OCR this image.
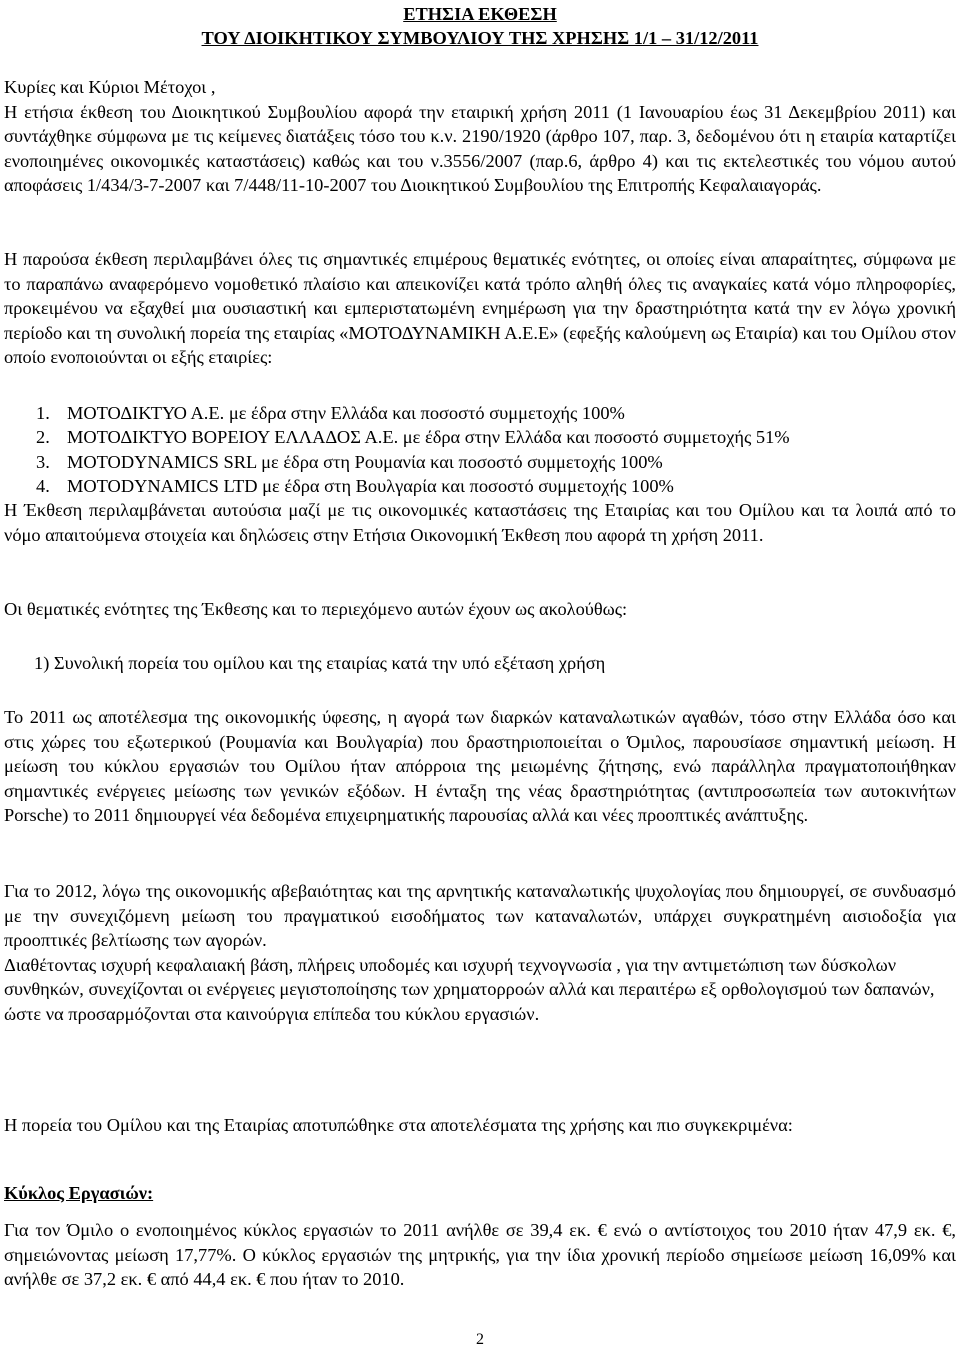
ΕΤΗΣΙΑ ΕΚΘΕΣΗ
ΤΟΥ ΔΙΟΙΚΗΤΙΚΟΥ ΣΥΜΒΟΥΛΙΟΥ ΤΗΣ ΧΡΗΣΗΣ 1/1 – 31/12/2011

Κυρίες και Κύριοι Μέτοχοι ,

Η ετήσια έκθεση του Διοικητικού Συμβουλίου αφορά την εταιρική χρήση 2011 (1 Ιανουαρίου έως 31 Δεκεμβρίου 2011) και συντάχθηκε σύμφωνα με τις κείμενες διατάξεις τόσο του κ.ν. 2190/1920 (άρθρο 107, παρ. 3, δεδομένου ότι η εταιρία καταρτίζει ενοποιημένες οικονομικές καταστάσεις) καθώς και του ν.3556/2007 (παρ.6, άρθρο 4) και τις εκτελεστικές του νόμου αυτού αποφάσεις 1/434/3-7-2007 και 7/448/11-10-2007 του Διοικητικού Συμβουλίου της Επιτροπής Κεφαλαιαγοράς.

Η παρούσα έκθεση περιλαμβάνει όλες τις σημαντικές επιμέρους θεματικές ενότητες, οι οποίες είναι απαραίτητες, σύμφωνα με το παραπάνω αναφερόμενο νομοθετικό πλαίσιο και απεικονίζει κατά τρόπο αληθή όλες τις αναγκαίες κατά νόμο πληροφορίες, προκειμένου να εξαχθεί μια ουσιαστική και εμπεριστατωμένη ενημέρωση για την δραστηριότητα κατά την εν λόγω χρονική περίοδο και τη συνολική πορεία της εταιρίας «ΜΟΤΟΔΥΝΑΜΙΚΗ Α.Ε.Ε» (εφεξής καλούμενη ως Εταιρία) και του Ομίλου στον οποίο ενοποιούνται οι εξής εταιρίες:

1. ΜΟΤΟΔΙΚΤΥΟ Α.Ε. με έδρα στην Ελλάδα και ποσοστό συμμετοχής 100%
2. ΜΟΤΟΔΙΚΤΥΟ ΒΟΡΕΙΟΥ ΕΛΛΑΔΟΣ Α.Ε. με έδρα στην Ελλάδα και ποσοστό συμμετοχής 51%
3. MOTODYNAMICS SRL με έδρα στη Ρουμανία και ποσοστό συμμετοχής 100%
4. MOTODYNAMICS LTD με έδρα στη Βουλγαρία και ποσοστό συμμετοχής 100%

Η Έκθεση περιλαμβάνεται αυτούσια μαζί με τις οικονομικές καταστάσεις της Εταιρίας και του Ομίλου και τα λοιπά από το νόμο απαιτούμενα στοιχεία και δηλώσεις στην Ετήσια Οικονομική Έκθεση που αφορά τη χρήση 2011.

Οι θεματικές ενότητες της Έκθεσης και το περιεχόμενο αυτών έχουν ως ακολούθως:

1) Συνολική πορεία του ομίλου και της εταιρίας κατά την υπό εξέταση χρήση

Το 2011 ως αποτέλεσμα της οικονομικής ύφεσης, η αγορά των διαρκών καταναλωτικών αγαθών, τόσο στην Ελλάδα όσο και στις χώρες του εξωτερικού (Ρουμανία και Βουλγαρία) που δραστηριοποιείται ο Όμιλος, παρουσίασε σημαντική μείωση. Η μείωση του κύκλου εργασιών του Ομίλου ήταν απόρροια της μειωμένης ζήτησης, ενώ παράλληλα πραγματοποιήθηκαν σημαντικές ενέργειες μείωσης των γενικών εξόδων. Η ένταξη της νέας δραστηριότητας (αντιπροσωπεία των αυτοκινήτων Porsche) το 2011 δημιουργεί νέα δεδομένα επιχειρηματικής παρουσίας αλλά και νέες προοπτικές ανάπτυξης.

Για το 2012, λόγω της οικονομικής αβεβαιότητας και της αρνητικής καταναλωτικής ψυχολογίας που δημιουργεί, σε συνδυασμό με την συνεχιζόμενη μείωση του πραγματικού εισοδήματος των καταναλωτών, υπάρχει συγκρατημένη αισιοδοξία για προοπτικές βελτίωσης των αγορών.

Διαθέτοντας ισχυρή κεφαλαιακή βάση, πλήρεις υποδομές και ισχυρή τεχνογνωσία , για την αντιμετώπιση των δύσκολων συνθηκών, συνεχίζονται οι ενέργειες μεγιστοποίησης των χρηματορροών αλλά και περαιτέρω εξ ορθολογισμού των δαπανών, ώστε να προσαρμόζονται στα καινούργια επίπεδα του κύκλου εργασιών.

Η πορεία του Ομίλου και της Εταιρίας αποτυπώθηκε στα αποτελέσματα της χρήσης και πιο συγκεκριμένα:

Κύκλος Εργασιών:

Για τον Όμιλο ο ενοποιημένος κύκλος εργασιών το 2011 ανήλθε σε 39,4 εκ. € ενώ ο αντίστοιχος του 2010 ήταν 47,9 εκ. €, σημειώνοντας μείωση 17,77%. Ο κύκλος εργασιών της μητρικής, για την ίδια χρονική περίοδο σημείωσε μείωση 16,09% και ανήλθε σε 37,2 εκ. € από 44,4 εκ. € που ήταν το 2010.

2
